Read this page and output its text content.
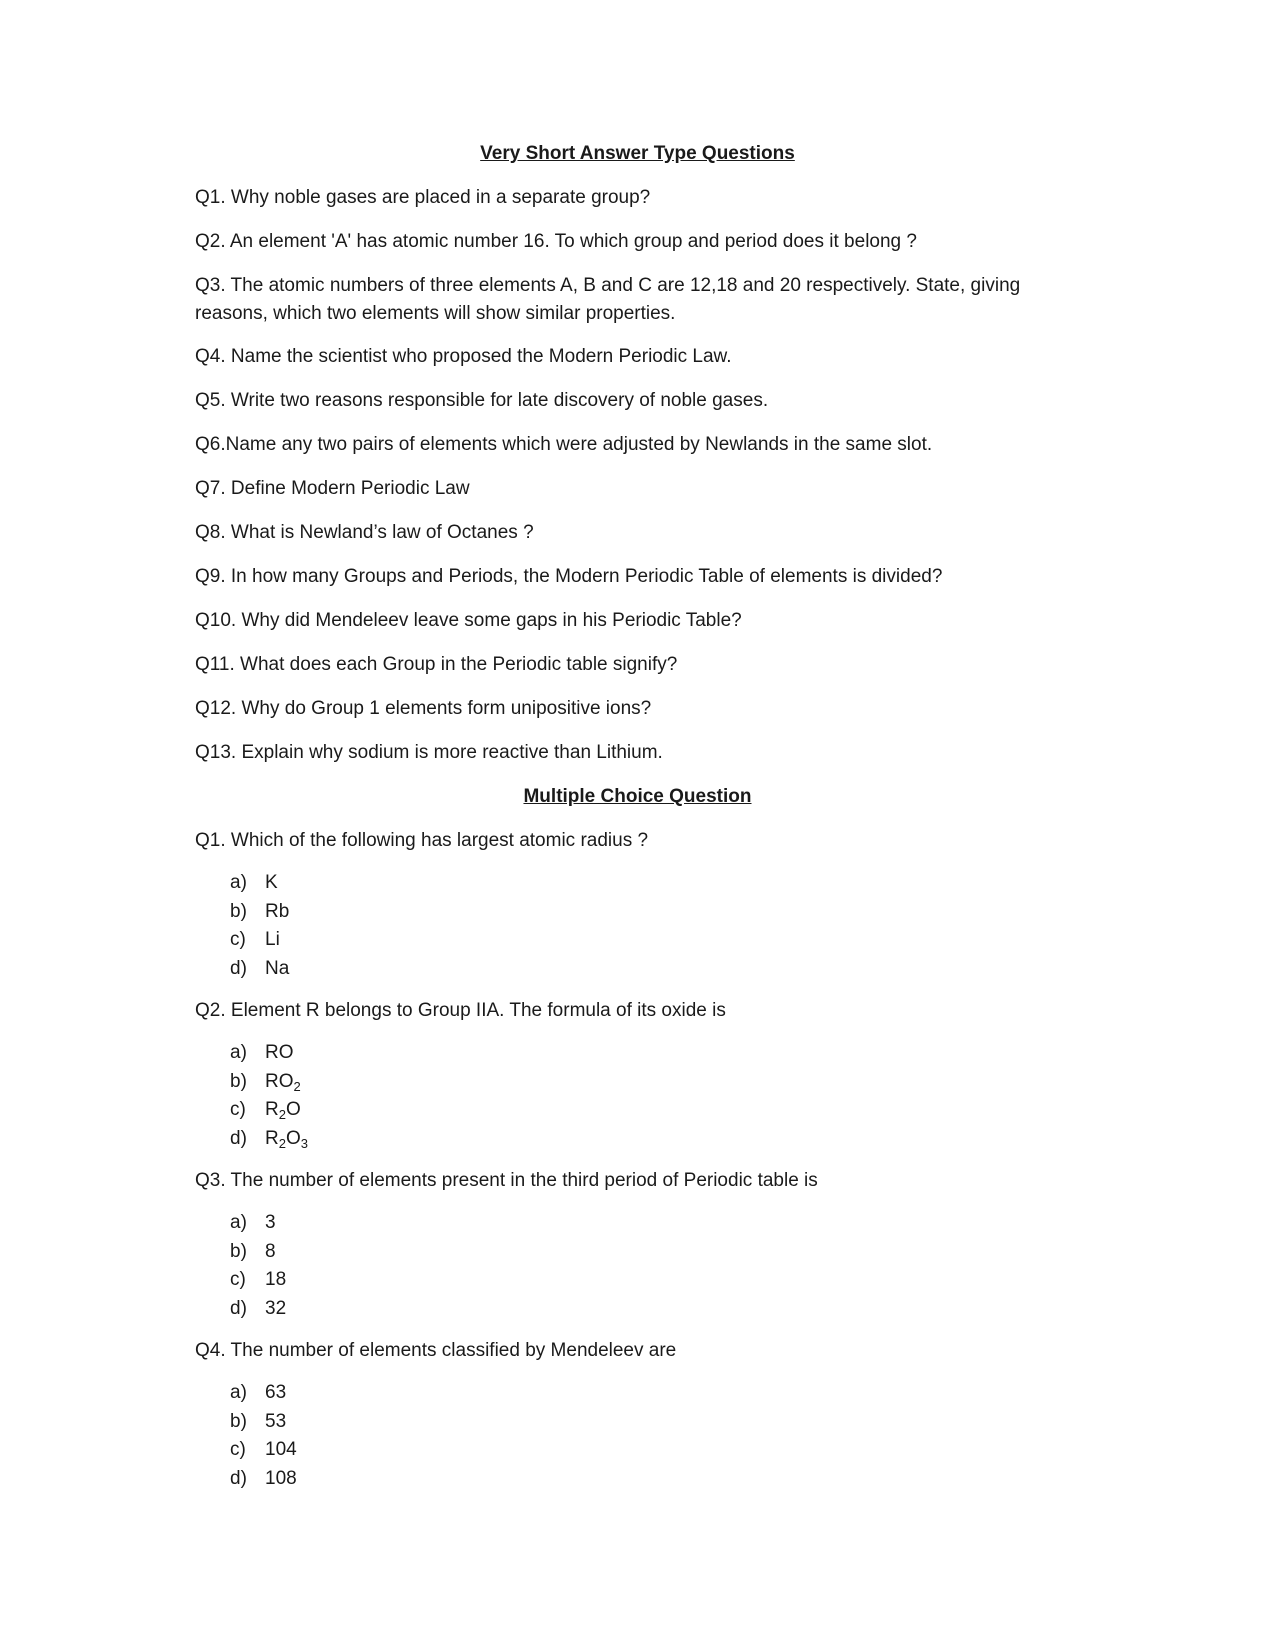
Very Short Answer Type Questions
Q1. Why noble gases are placed in a separate group?
Q2. An element 'A' has atomic number 16. To which group and period does it belong ?
Q3. The atomic numbers of three elements A, B and C are 12,18 and 20 respectively. State, giving reasons, which two elements will show similar properties.
Q4. Name the scientist who proposed the Modern Periodic Law.
Q5. Write two reasons responsible for late discovery of noble gases.
Q6.Name any two pairs of elements which were adjusted by Newlands in the same slot.
Q7. Define Modern Periodic Law
Q8. What is Newland’s law of Octanes ?
Q9. In how many Groups and Periods, the Modern Periodic Table of elements is divided?
Q10. Why did Mendeleev leave some gaps in his Periodic Table?
Q11. What does each Group in the Periodic table signify?
Q12. Why do Group 1 elements form unipositive ions?
Q13. Explain why sodium is more reactive than Lithium.
Multiple Choice Question
Q1. Which of the following has largest atomic radius ?
a) K
b) Rb
c)	Li
d) Na
Q2. Element R belongs to Group IIA. The formula of its oxide is
a) RO
b) $RO_2$
c)	$R_2O$
d) $R_2O_3$
Q3. The number of elements present in the third period of Periodic table is
a) 3
b) 8
c)	18
d) 32
Q4. The number of elements classified by Mendeleev are
a) 63
b) 53
c)	104
d) 108
